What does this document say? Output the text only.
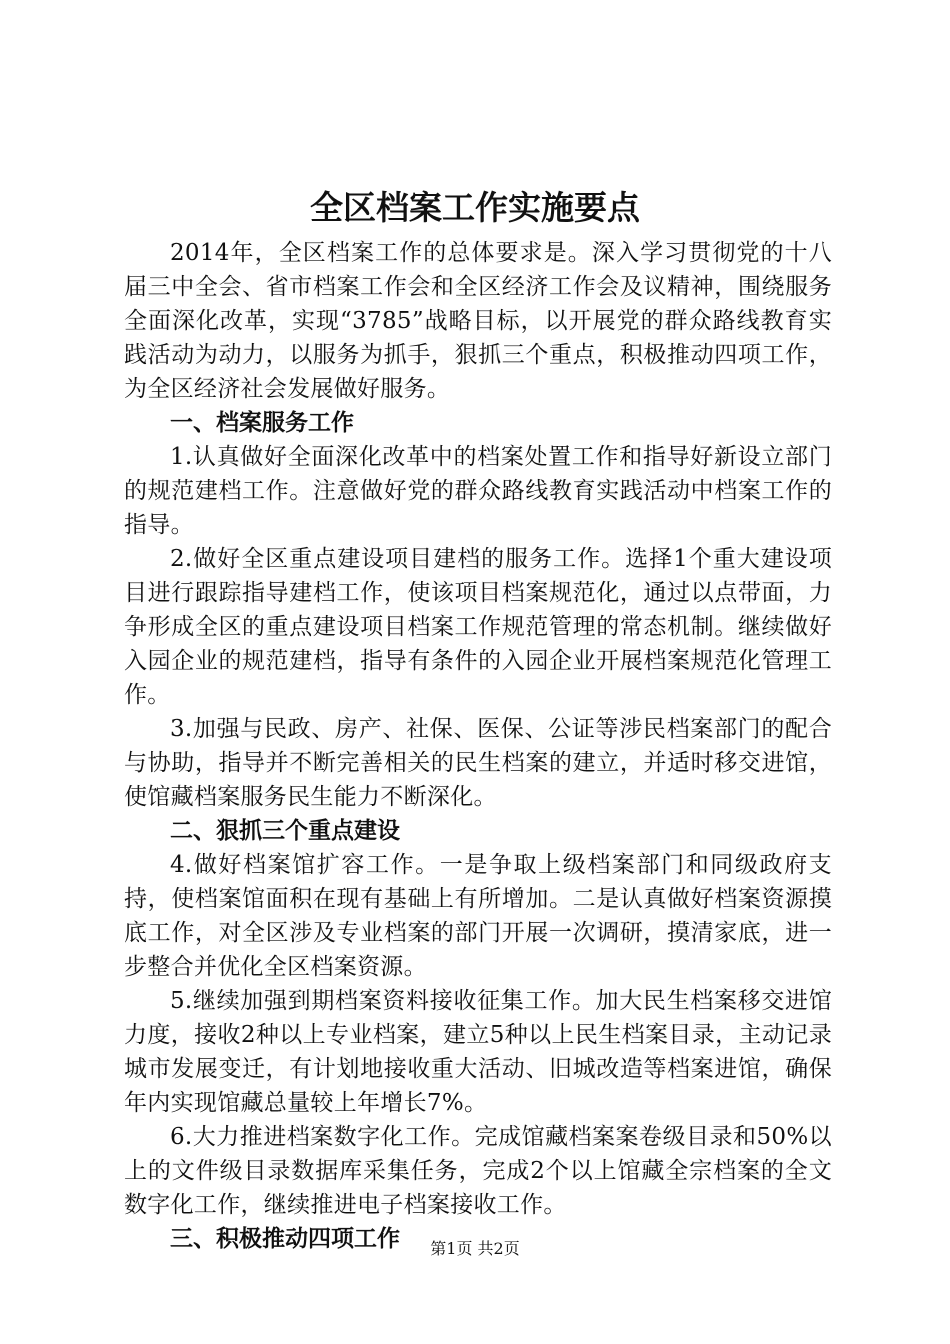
全区档案工作实施要点

2014年，全区档案工作的总体要求是。深入学习贯彻党的十八届三中全会、省市档案工作会和全区经济工作会及议精神，围绕服务全面深化改革，实现“3785”战略目标，以开展党的群众路线教育实践活动为动力，以服务为抓手，狠抓三个重点，积极推动四项工作，为全区经济社会发展做好服务。

一、档案服务工作

1.认真做好全面深化改革中的档案处置工作和指导好新设立部门的规范建档工作。注意做好党的群众路线教育实践活动中档案工作的指导。

2.做好全区重点建设项目建档的服务工作。选择1个重大建设项目进行跟踪指导建档工作，使该项目档案规范化，通过以点带面，力争形成全区的重点建设项目档案工作规范管理的常态机制。继续做好入园企业的规范建档，指导有条件的入园企业开展档案规范化管理工作。

3.加强与民政、房产、社保、医保、公证等涉民档案部门的配合与协助，指导并不断完善相关的民生档案的建立，并适时移交进馆，使馆藏档案服务民生能力不断深化。

二、狠抓三个重点建设

4.做好档案馆扩容工作。一是争取上级档案部门和同级政府支持，使档案馆面积在现有基础上有所增加。二是认真做好档案资源摸底工作，对全区涉及专业档案的部门开展一次调研，摸清家底，进一步整合并优化全区档案资源。

5.继续加强到期档案资料接收征集工作。加大民生档案移交进馆力度，接收2种以上专业档案，建立5种以上民生档案目录，主动记录城市发展变迁，有计划地接收重大活动、旧城改造等档案进馆，确保年内实现馆藏总量较上年增长7%。

6.大力推进档案数字化工作。完成馆藏档案案卷级目录和50%以上的文件级目录数据库采集任务，完成2个以上馆藏全宗档案的全文数字化工作，继续推进电子档案接收工作。

三、积极推动四项工作	第1页 共2页
